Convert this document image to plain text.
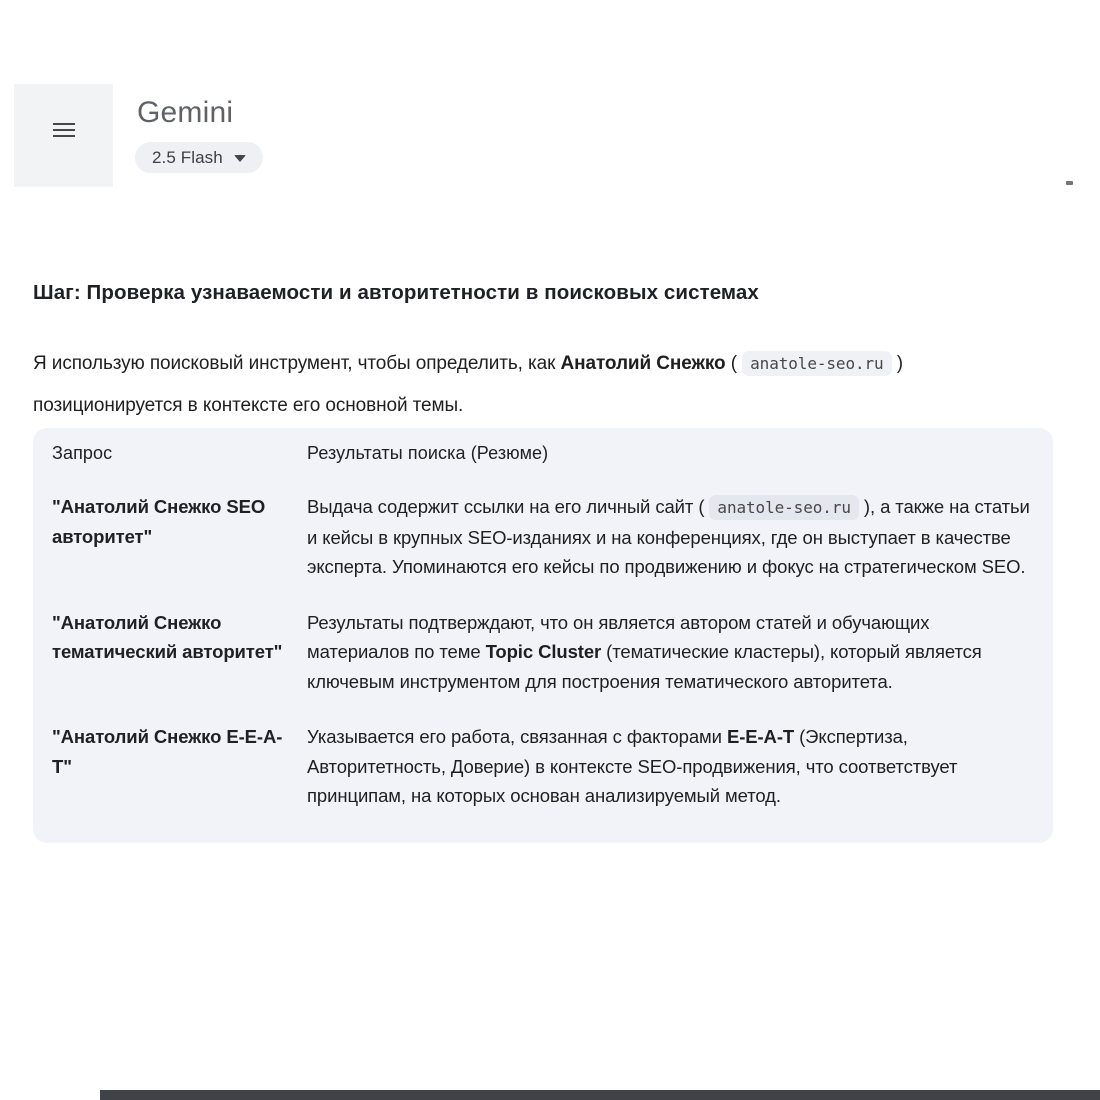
Gemini
2.5 Flash
Шаг: Проверка узнаваемости и авторитетности в поисковых системах

Я использую поисковый инструмент, чтобы определить, как Анатолий Снежко ( anatole-seo.ru ) позиционируется в контексте его основной темы.

Запрос	Результаты поиска (Резюме)
"Анатолий Снежко SEO авторитет"
Выдача содержит ссылки на его личный сайт ( anatole-seo.ru ), а также на статьи и кейсы в крупных SEO-изданиях и на конференциях, где он выступает в качестве эксперта. Упоминаются его кейсы по продвижению и фокус на стратегическом SEO.
"Анатолий Снежко тематический авторитет"
Результаты подтверждают, что он является автором статей и обучающих материалов по теме Topic Cluster (тематические кластеры), который является ключевым инструментом для построения тематического авторитета.
"Анатолий Снежко E-E-A-T"
Указывается его работа, связанная с факторами E-E-A-T (Экспертиза, Авторитетность, Доверие) в контексте SEO-продвижения, что соответствует принципам, на которых основан анализируемый метод.
